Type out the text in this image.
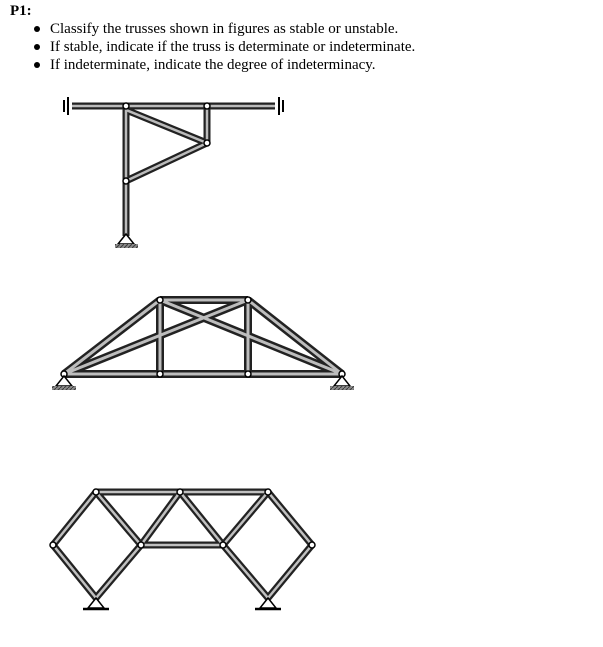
P1:
Classify the trusses shown in figures as stable or unstable.
If stable, indicate if the truss is determinate or indeterminate.
If indeterminate, indicate the degree of indeterminacy.
